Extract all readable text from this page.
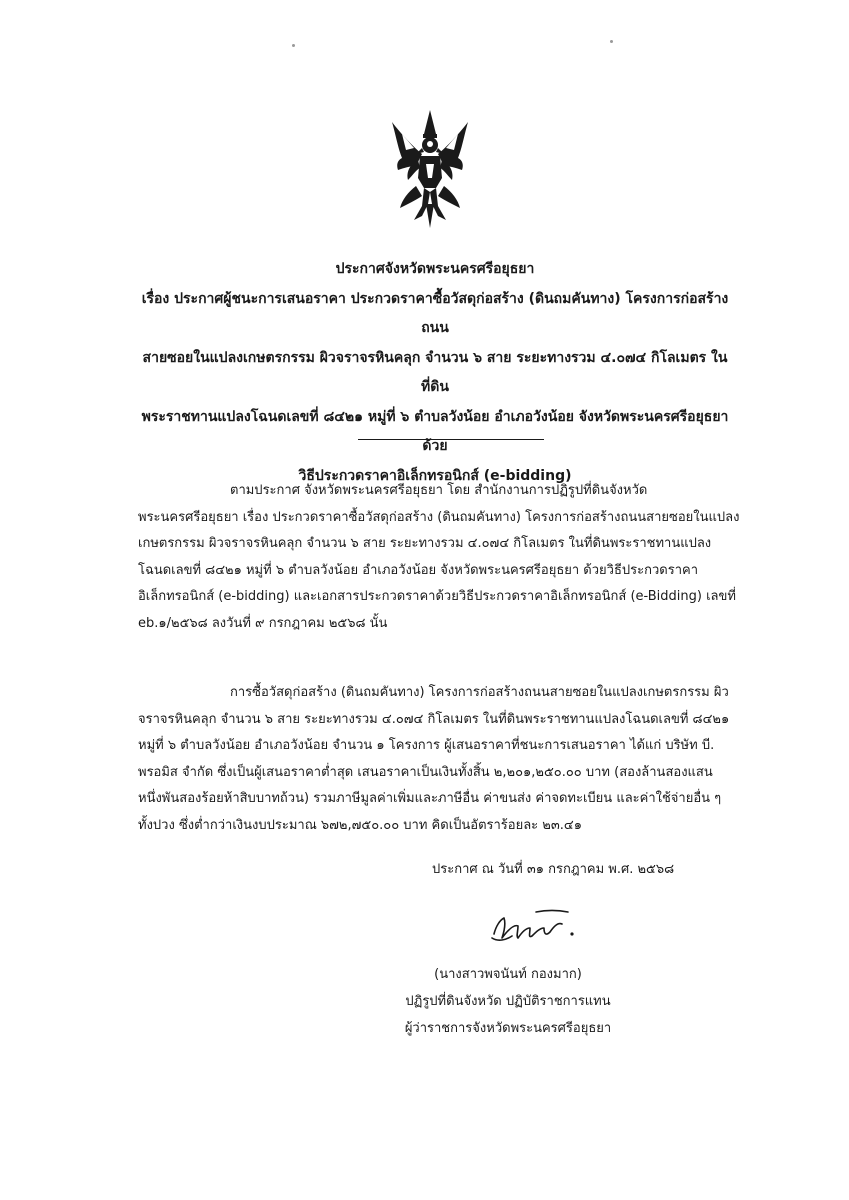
ประกาศจังหวัดพระนครศรีอยุธยา
เรื่อง ประกาศผู้ชนะการเสนอราคา ประกวดราคาซื้อวัสดุก่อสร้าง (ดินถมคันทาง) โครงการก่อสร้างถนน
สายซอยในแปลงเกษตรกรรม ผิวจราจรหินคลุก จำนวน ๖ สาย ระยะทางรวม ๔.๐๗๔ กิโลเมตร ในที่ดิน
พระราชทานแปลงโฉนดเลขที่ ๘๔๒๑ หมู่ที่ ๖ ตำบลวังน้อย อำเภอวังน้อย จังหวัดพระนครศรีอยุธยา ด้วย
วิธีประกวดราคาอิเล็กทรอนิกส์ (e-bidding)
ตามประกาศ จังหวัดพระนครศรีอยุธยา โดย สำนักงานการปฏิรูปที่ดินจังหวัด
พระนครศรีอยุธยา เรื่อง ประกวดราคาซื้อวัสดุก่อสร้าง (ดินถมคันทาง) โครงการก่อสร้างถนนสายซอยในแปลง
เกษตรกรรม ผิวจราจรหินคลุก จำนวน ๖ สาย ระยะทางรวม ๔.๐๗๔ กิโลเมตร ในที่ดินพระราชทานแปลง
โฉนดเลขที่ ๘๔๒๑ หมู่ที่ ๖ ตำบลวังน้อย อำเภอวังน้อย จังหวัดพระนครศรีอยุธยา ด้วยวิธีประกวดราคา
อิเล็กทรอนิกส์ (e-bidding) และเอกสารประกวดราคาด้วยวิธีประกวดราคาอิเล็กทรอนิกส์ (e-Bidding) เลขที่
eb.๑/๒๕๖๘ ลงวันที่ ๙ กรกฎาคม ๒๕๖๘ นั้น
การซื้อวัสดุก่อสร้าง (ดินถมคันทาง) โครงการก่อสร้างถนนสายซอยในแปลงเกษตรกรรม ผิว
จราจรหินคลุก จำนวน ๖ สาย ระยะทางรวม ๔.๐๗๔ กิโลเมตร ในที่ดินพระราชทานแปลงโฉนดเลขที่ ๘๔๒๑
หมู่ที่ ๖ ตำบลวังน้อย อำเภอวังน้อย จำนวน ๑ โครงการ ผู้เสนอราคาที่ชนะการเสนอราคา ได้แก่ บริษัท บี.
พรอมิส จำกัด ซึ่งเป็นผู้เสนอราคาต่ำสุด เสนอราคาเป็นเงินทั้งสิ้น ๒,๒๐๑,๒๕๐.๐๐ บาท (สองล้านสองแสน
หนึ่งพันสองร้อยห้าสิบบาทถ้วน) รวมภาษีมูลค่าเพิ่มและภาษีอื่น ค่าขนส่ง ค่าจดทะเบียน และค่าใช้จ่ายอื่น ๆ
ทั้งปวง ซึ่งต่ำกว่าเงินงบประมาณ ๖๗๒,๗๕๐.๐๐ บาท คิดเป็นอัตราร้อยละ ๒๓.๔๑
ประกาศ ณ วันที่ ๓๑ กรกฎาคม พ.ศ. ๒๕๖๘
(นางสาวพจนันท์ กองมาก)
ปฏิรูปที่ดินจังหวัด ปฏิบัติราชการแทน
ผู้ว่าราชการจังหวัดพระนครศรีอยุธยา
